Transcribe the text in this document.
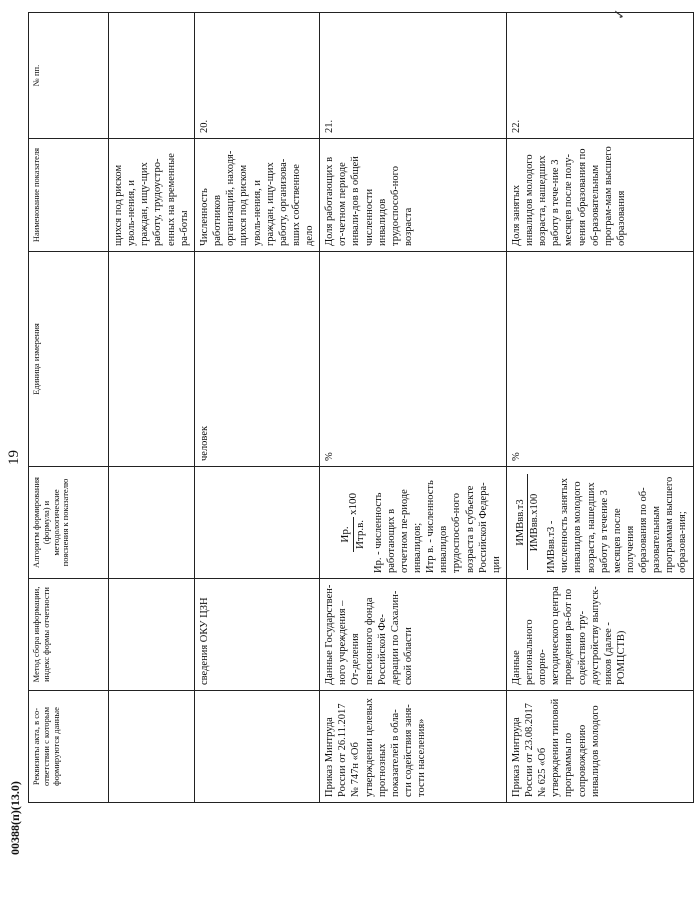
00388(п)(13.0)
19
✓
Реквизиты акта, в со-ответствии с которым формируются данные	Метод сбора информации, индекс формы отчетности	Алгоритм формирования (формула) и методологические пояснения к показателю	Единица измерения	Наименование показателя	№ пп.
				щихся под риском уволь-нения, и граждан, ищу-щих работу, трудоустро-енных на временные ра-боты	
	сведения ОКУ ЦЗН		человек	Численность работников организаций, находя-щихся под риском уволь-нения, и граждан, ищу-щих работу, организова-вших собственное дело	20.
Приказ Минтруда России от 26.11.2017 № 747н «Об утверждении целевых прогнозных показателей в обла-сти содействия заня-тости населения»	Данные Государствен-ного учреждения – От-деления пенсионного фонда Российской Фе-дерации по Сахалин-ской области	Ир. Итр.в.
x100
Ир. - численность работающих в отчетном пе-риоде инвалидов;
Итр в. - численность инвалидов трудоспособ-ного возраста в субъекте Российской Федера-ции	%	Доля работающих в от-четном периоде инвали-дов в общей численности инвалидов трудоспособ-ного возраста	21.
Приказ Минтруда России от 23.08.2017 № 625 «Об утверждении типовой программы по сопровождению инвалидов молодого	Данные регионального опорно-методического центра проведения ра-бот по содействию тру-доустройству выпуск-ников (далее - РОМЦСТВ)	ИМВвв.т3 ИМВвв.x100
ИМВвв.т3 - численность занятых инвалидов молодого возраста, нашедших работу в течение 3 месяцев после получения образования по об-разовательным программам высшего образова-ния;	%	Доля занятых инвалидов молодого возраста, нашедших работу в тече-ние 3 месяцев после полу-чения образования по об-разовательным програм-мам высшего образования	22.
